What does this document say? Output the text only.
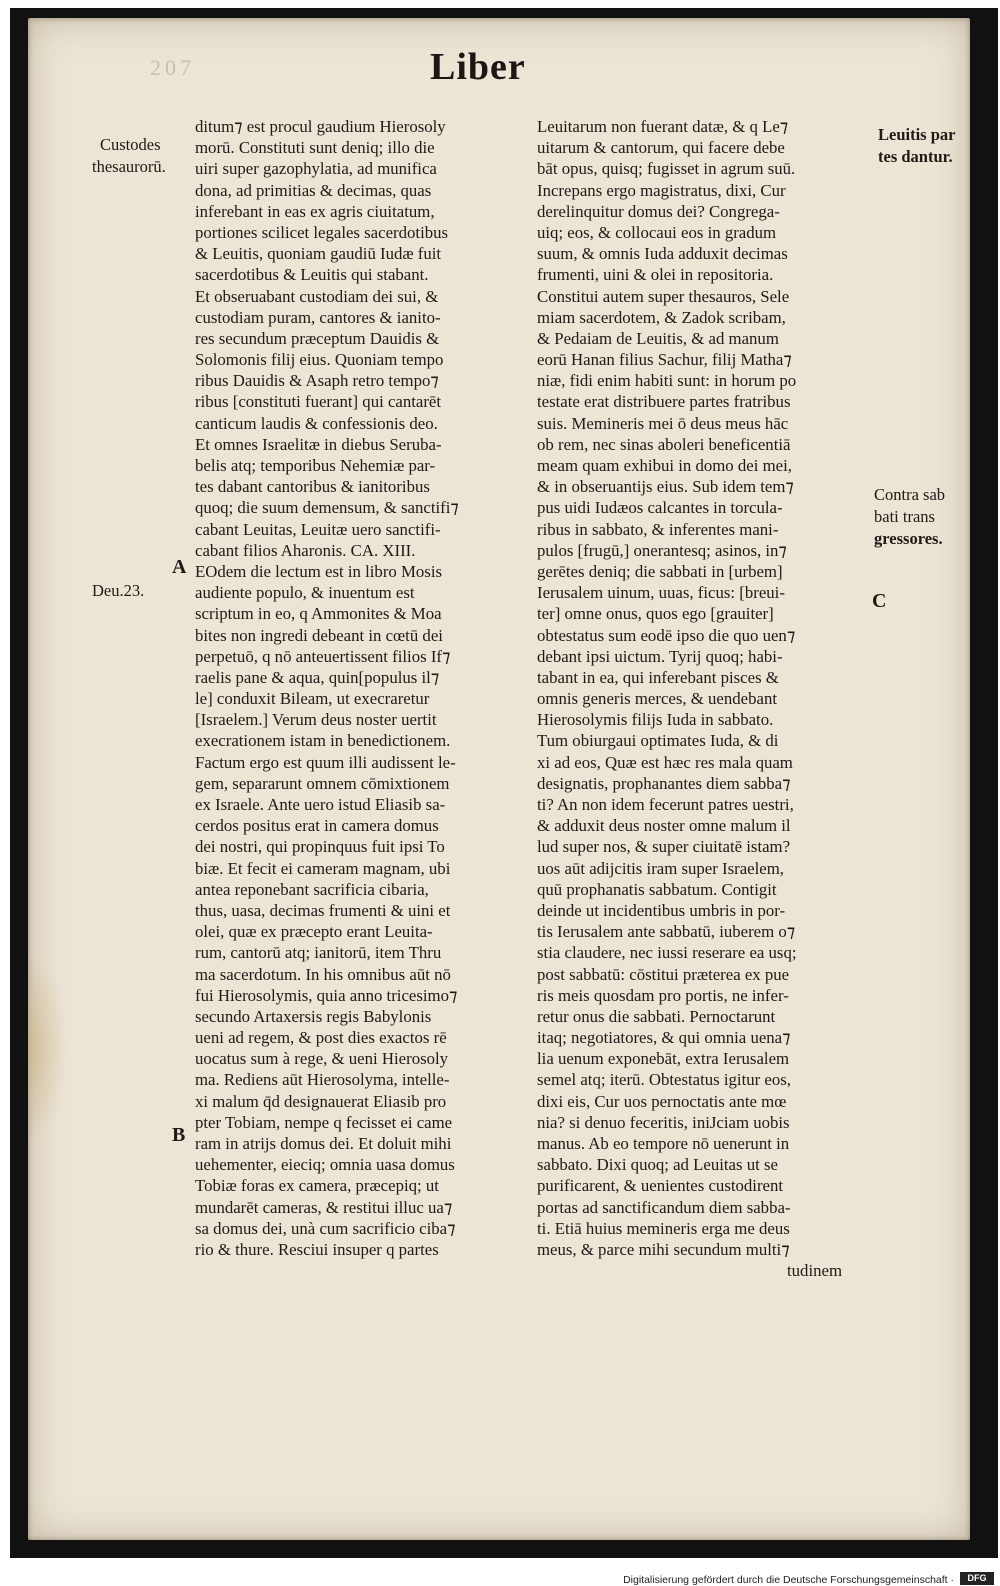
207	Liber
Custodes
thesaurorū.
Deu.23.
Leuitis par
tes dantur.
Contra sab
bati trans
gressores.
A
B
C
ditum⁊ est procul gaudium Hierosoly
morū. Constituti sunt deniq; illo die
uiri super gazophylatia, ad munifica
dona, ad primitias & decimas, quas
inferebant in eas ex agris ciuitatum,
portiones scilicet legales sacerdotibus
& Leuitis, quoniam gaudiū Iudæ fuit
sacerdotibus & Leuitis qui stabant.
Et obseruabant custodiam dei sui, &
custodiam puram, cantores & ianito-
res secundum præceptum Dauidis &
Solomonis filij eius. Quoniam tempo
ribus Dauidis & Asaph retro tempo⁊
ribus [constituti fuerant] qui cantarēt
canticum laudis & confessionis deo.
Et omnes Israelitæ in diebus Seruba-
belis atq; temporibus Nehemiæ par-
tes dabant cantoribus & ianitoribus
quoq; die suum demensum, & sanctifi⁊
cabant Leuitas, Leuitæ uero sanctifi-
cabant filios Aharonis. CA. XIII.
EOdem die lectum est in libro Mosis
audiente populo, & inuentum est
scriptum in eo, q Ammonites & Moa
bites non ingredi debeant in cœtū dei
perpetuō, q nō anteuertissent filios If⁊
raelis pane & aqua, quin[populus il⁊
le] conduxit Bileam, ut execraretur
[Israelem.] Verum deus noster uertit
execrationem istam in benedictionem.
Factum ergo est quum illi audissent le-
gem, separarunt omnem cōmixtionem
ex Israele. Ante uero istud Eliasib sa-
cerdos positus erat in camera domus
dei nostri, qui propinquus fuit ipsi To
biæ. Et fecit ei cameram magnam, ubi
antea reponebant sacrificia cibaria,
thus, uasa, decimas frumenti & uini et
olei, quæ ex præcepto erant Leuita-
rum, cantorū atq; ianitorū, item Thru
ma sacerdotum. In his omnibus aūt nō
fui Hierosolymis, quia anno tricesimo⁊
secundo Artaxersis regis Babylonis
ueni ad regem, & post dies exactos rē
uocatus sum à rege, & ueni Hierosoly
ma. Rediens aūt Hierosolyma, intelle-
xi malum q̄d designauerat Eliasib pro
pter Tobiam, nempe q fecisset ei came
ram in atrijs domus dei. Et doluit mihi
uehementer, eieciq; omnia uasa domus
Tobiæ foras ex camera, præcepiq; ut
mundarēt cameras, & restitui illuc ua⁊
sa domus dei, unà cum sacrificio ciba⁊
rio & thure. Resciui insuper q partes
Leuitarum non fuerant datæ, & q Le⁊
uitarum & cantorum, qui facere debe
bāt opus, quisq; fugisset in agrum suū.
Increpans ergo magistratus, dixi, Cur
derelinquitur domus dei? Congrega-
uiq; eos, & collocaui eos in gradum
suum, & omnis Iuda adduxit decimas
frumenti, uini & olei in repositoria.
Constitui autem super thesauros, Sele
miam sacerdotem, & Zadok scribam,
& Pedaiam de Leuitis, & ad manum
eorū Hanan filius Sachur, filij Matha⁊
niæ, fidi enim habiti sunt: in horum po
testate erat distribuere partes fratribus
suis. Memineris mei ō deus meus hāc
ob rem, nec sinas aboleri beneficentiā
meam quam exhibui in domo dei mei,
& in obseruantijs eius. Sub idem tem⁊
pus uidi Iudæos calcantes in torcula-
ribus in sabbato, & inferentes mani-
pulos [frugū,] onerantesq; asinos, in⁊
gerētes deniq; die sabbati in [urbem]
Ierusalem uinum, uuas, ficus: [breui-
ter] omne onus, quos ego [grauiter]
obtestatus sum eodē ipso die quo uen⁊
debant ipsi uictum. Tyrij quoq; habi-
tabant in ea, qui inferebant pisces &
omnis generis merces, & uendebant
Hierosolymis filijs Iuda in sabbato.
Tum obiurgaui optimates Iuda, & di
xi ad eos, Quæ est hæc res mala quam
designatis, prophanantes diem sabba⁊
ti? An non idem fecerunt patres uestri,
& adduxit deus noster omne malum il
lud super nos, & super ciuitatē istam?
uos aūt adijcitis iram super Israelem,
quū prophanatis sabbatum. Contigit
deinde ut incidentibus umbris in por-
tis Ierusalem ante sabbatū, iuberem o⁊
stia claudere, nec iussi reserare ea usq;
post sabbatū: cōstitui præterea ex pue
ris meis quosdam pro portis, ne infer-
retur onus die sabbati. Pernoctarunt
itaq; negotiatores, & qui omnia uena⁊
lia uenum exponebāt, extra Ierusalem
semel atq; iterū. Obtestatus igitur eos,
dixi eis, Cur uos pernoctatis ante mœ
nia? si denuo feceritis, iniJciam uobis
manus. Ab eo tempore nō uenerunt in
sabbato. Dixi quoq; ad Leuitas ut se
purificarent, & uenientes custodirent
portas ad sanctificandum diem sabba-
ti. Etiā huius memineris erga me deus
meus, & parce mihi secundum multi⁊
tudinem
Digitalisierung gefördert durch die Deutsche Forschungsgemeinschaft ·	DFG
